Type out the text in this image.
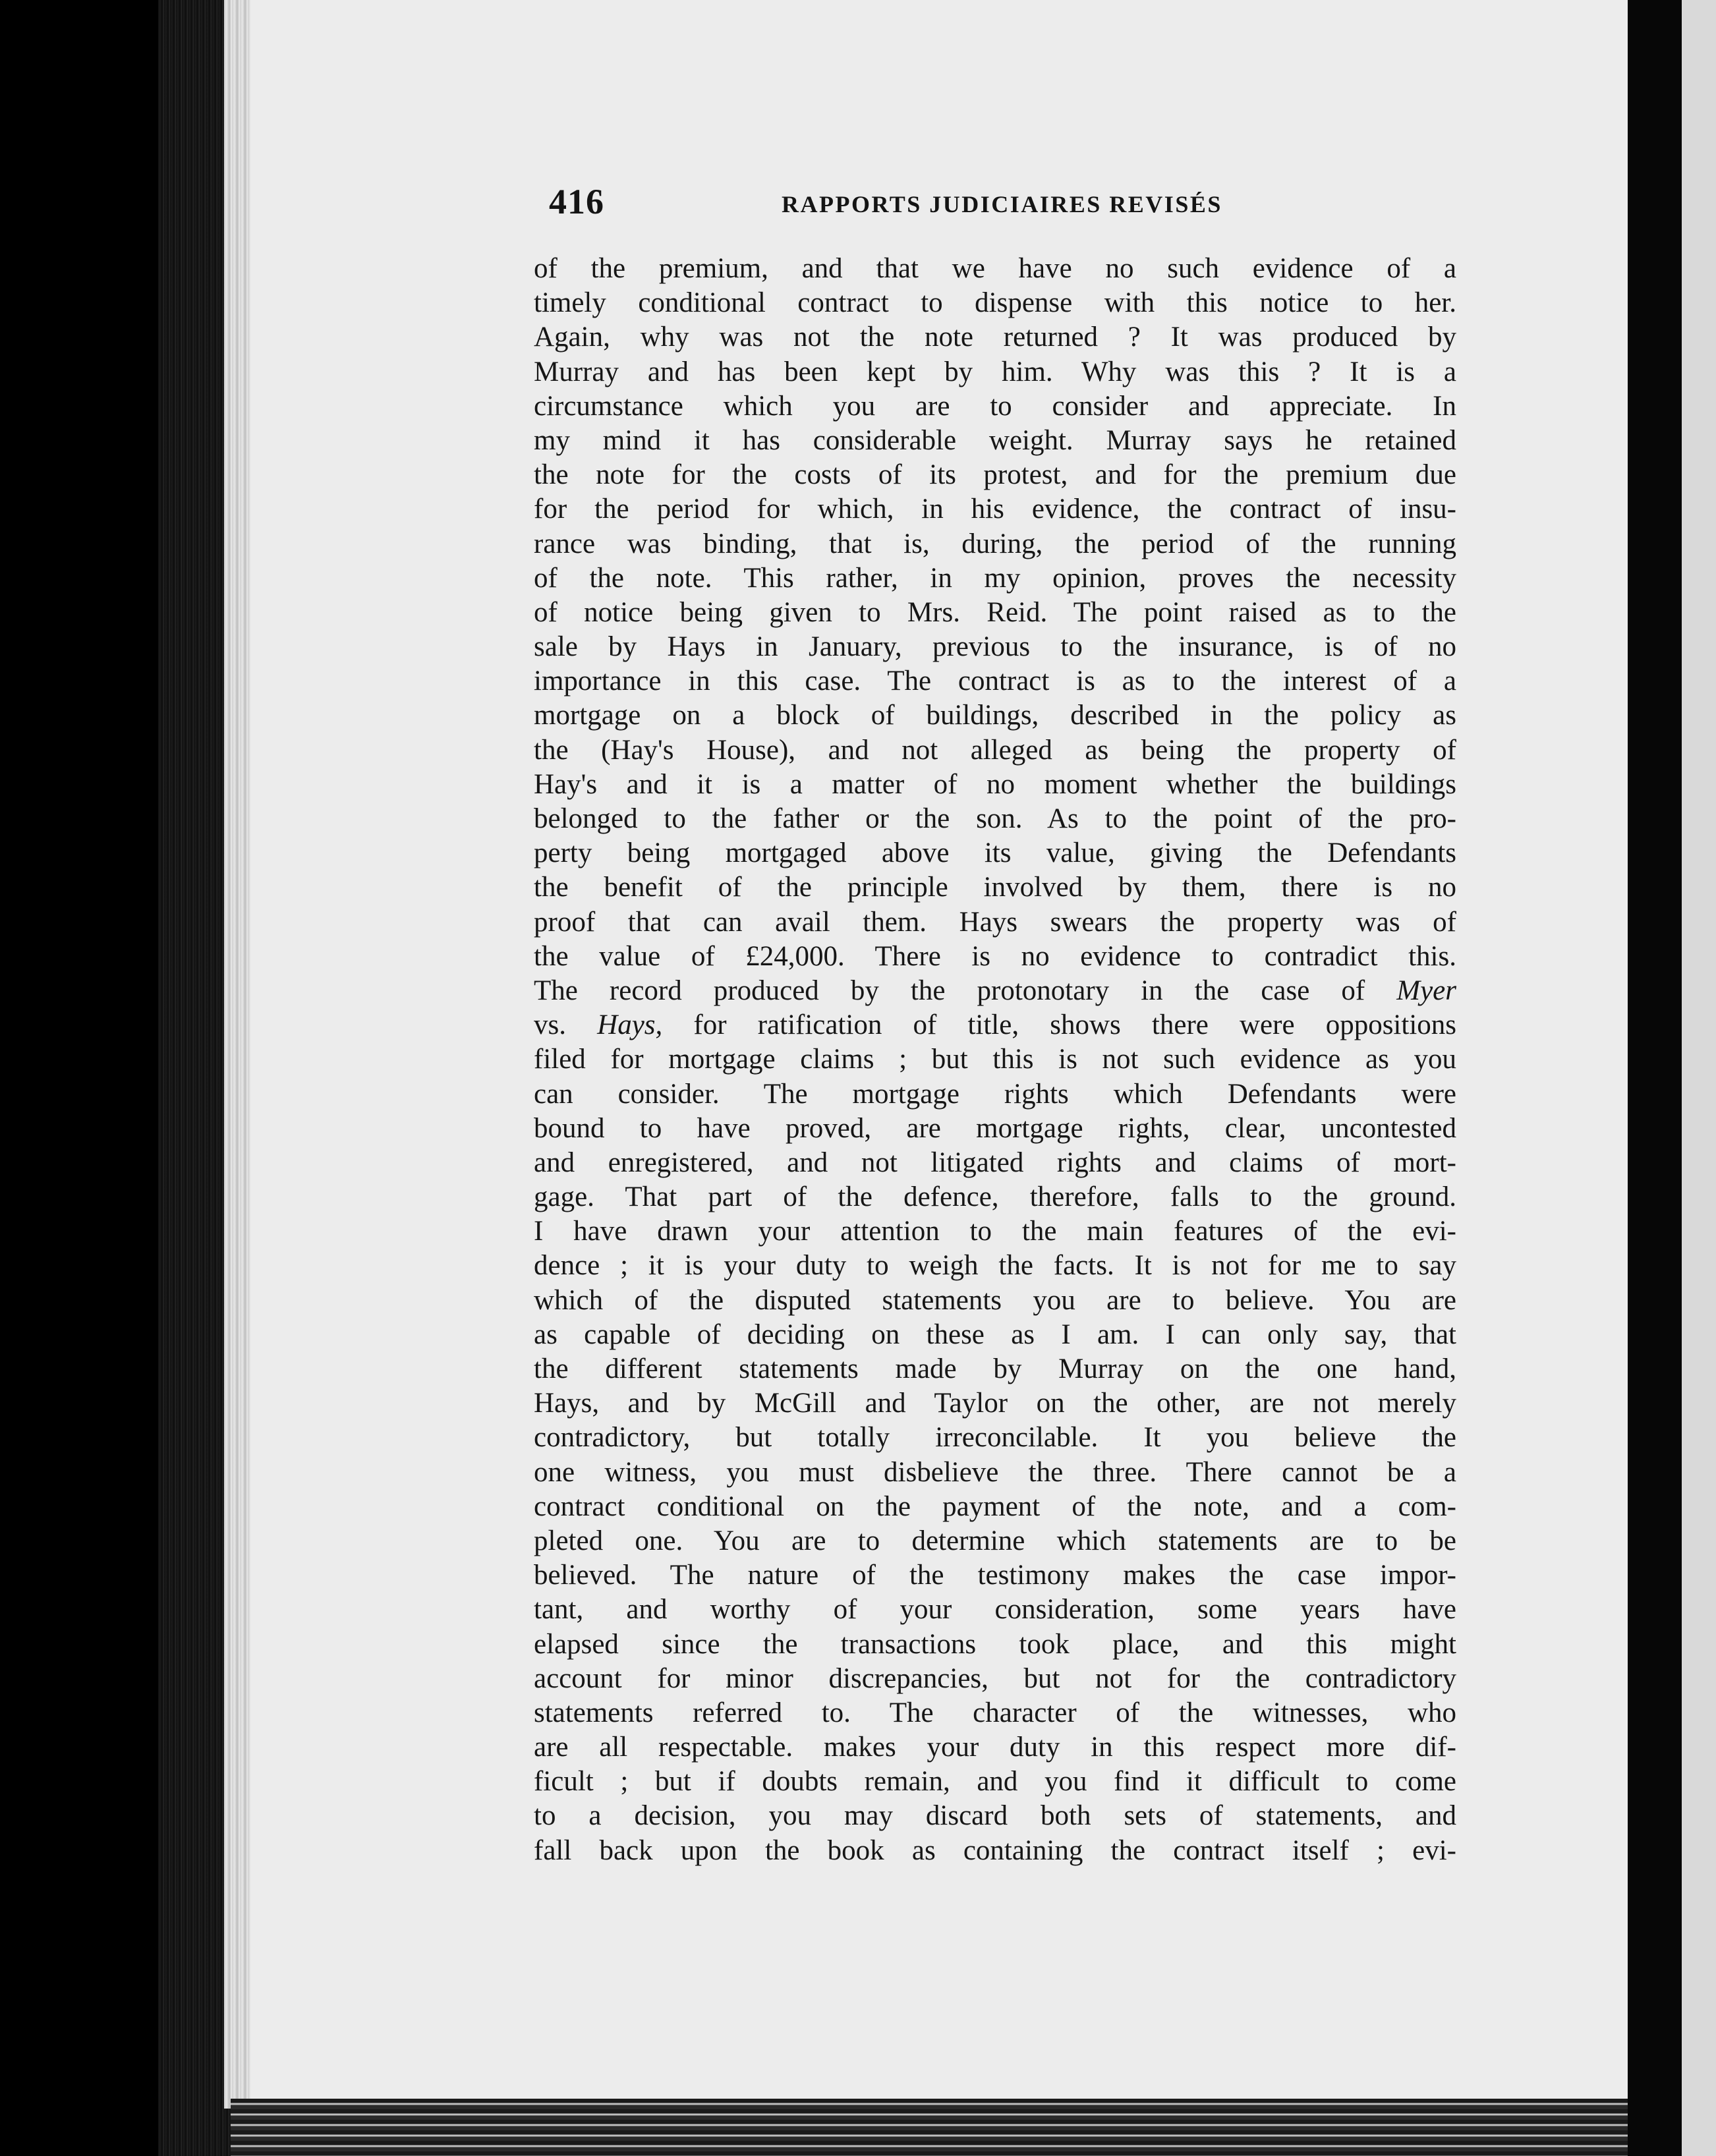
416	RAPPORTS JUDICIAIRES REVISÉS
of the premium, and that we have no such evidence of a
timely conditional contract to dispense with this notice to her.
Again, why was not the note returned ? It was produced by
Murray and has been kept by him. Why was this ? It is a
circumstance which you are to consider and appreciate. In
my mind it has considerable weight. Murray says he retained
the note for the costs of its protest, and for the premium due
for the period for which, in his evidence, the contract of insu-
rance was binding, that is, during, the period of the running
of the note. This rather, in my opinion, proves the necessity
of notice being given to Mrs. Reid. The point raised as to the
sale by Hays in January, previous to the insurance, is of no
importance in this case. The contract is as to the interest of a
mortgage on a block of buildings, described in the policy as
the (Hay's House), and not alleged as being the property of
Hay's and it is a matter of no moment whether the buildings
belonged to the father or the son. As to the point of the pro-
perty being mortgaged above its value, giving the Defendants
the benefit of the principle involved by them, there is no
proof that can avail them. Hays swears the property was of
the value of £24,000. There is no evidence to contradict this.
The record produced by the protonotary in the case of Myer
vs. Hays, for ratification of title, shows there were oppositions
filed for mortgage claims ; but this is not such evidence as you
can consider. The mortgage rights which Defendants were
bound to have proved, are mortgage rights, clear, uncontested
and enregistered, and not litigated rights and claims of mort-
gage. That part of the defence, therefore, falls to the ground.
I have drawn your attention to the main features of the evi-
dence ; it is your duty to weigh the facts. It is not for me to say
which of the disputed statements you are to believe. You are
as capable of deciding on these as I am. I can only say, that
the different statements made by Murray on the one hand,
Hays, and by McGill and Taylor on the other, are not merely
contradictory, but totally irreconcilable. It you believe the
one witness, you must disbelieve the three. There cannot be a
contract conditional on the payment of the note, and a com-
pleted one. You are to determine which statements are to be
believed. The nature of the testimony makes the case impor-
tant, and worthy of your consideration, some years have
elapsed since the transactions took place, and this might
account for minor discrepancies, but not for the contradictory
statements referred to. The character of the witnesses, who
are all respectable. makes your duty in this respect more dif-
ficult ; but if doubts remain, and you find it difficult to come
to a decision, you may discard both sets of statements, and
fall back upon the book as containing the contract itself ; evi-
